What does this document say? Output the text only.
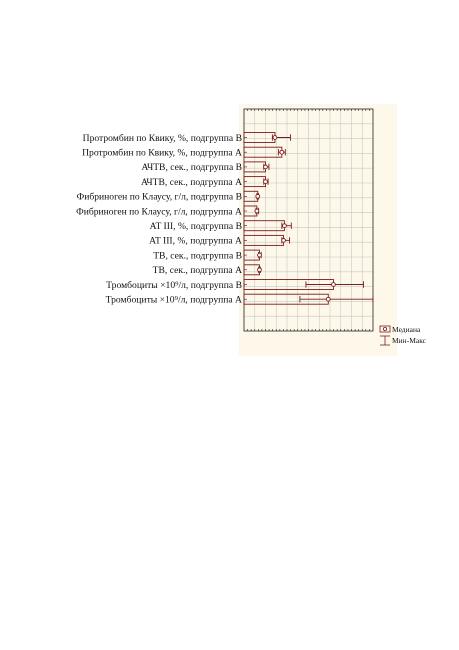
Протромбин по Квику, %, подгруппа B
Протромбин по Квику, %, подгруппа A
АЧТВ, сек., подгруппа B
АЧТВ, сек., подгруппа A
Фибриноген по Клаусу, г/л, подгруппа B
Фибриноген по Клаусу, г/л, подгруппа A
AT III, %, подгруппа B
AT III, %, подгруппа A
ТВ, сек., подгруппа B
ТВ, сек., подгруппа A
Тромбоциты ×10⁹/л, подгруппа B
Тромбоциты ×10⁹/л, подгруппа A
Медиана
Мин-Макс
